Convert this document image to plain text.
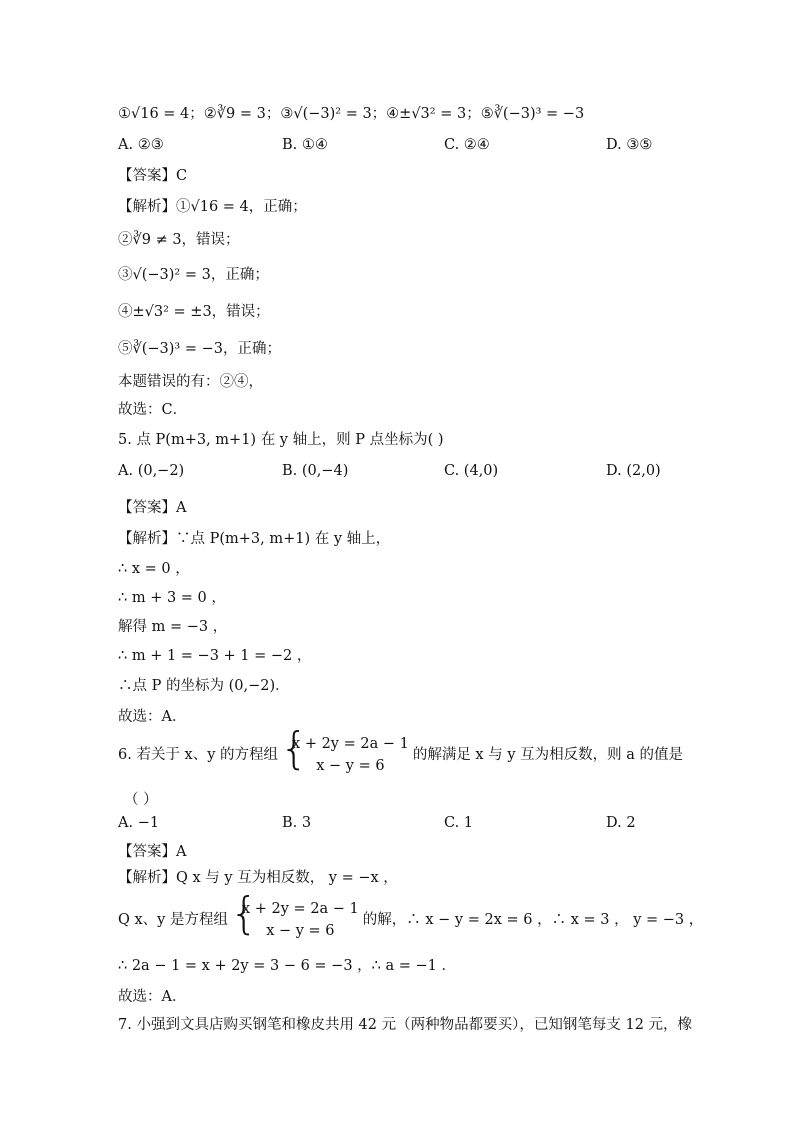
①√16 = 4；②∛9 = 3；③√(−3)² = 3；④±√3² = 3；⑤∛(−3)³ = −3
A. ②③	B. ①④	C. ②④	D. ③⑤
【答案】C
【解析】①√16 = 4，正确；
②∛9 ≠ 3，错误；
③√(−3)² = 3，正确；
④±√3² = ±3，错误；
⑤∛(−3)³ = −3，正确；
本题错误的有：②④，
故选：C．
5. 点 P(m+3, m+1) 在 y 轴上，则 P 点坐标为( )
A. (0,−2)	B. (0,−4)	C. (4,0)	D. (2,0)
【答案】A
【解析】∵点 P(m+3, m+1) 在 y 轴上，
∴ x = 0 ，
∴ m + 3 = 0 ，
解得 m = −3 ，
∴ m + 1 = −3 + 1 = −2 ，
∴点 P 的坐标为 (0,−2)．
故选：A．
6. 若关于 x、y 的方程组 {
x + 2y = 2a − 1
x − y = 6
的解满足 x 与 y 互为相反数，则 a 的值是
（ ）
A. −1	B. 3	C. 1	D. 2
【答案】A
【解析】Q x 与 y 互为相反数， y = −x ，
Q x、y 是方程组 {
x + 2y = 2a − 1
x − y = 6
的解，∴ x − y = 2x = 6 ，∴ x = 3 ， y = −3 ，
∴ 2a − 1 = x + 2y = 3 − 6 = −3 ，∴ a = −1 ．
故选：A．
7. 小强到文具店购买钢笔和橡皮共用 42 元（两种物品都要买），已知钢笔每支 12 元，橡
